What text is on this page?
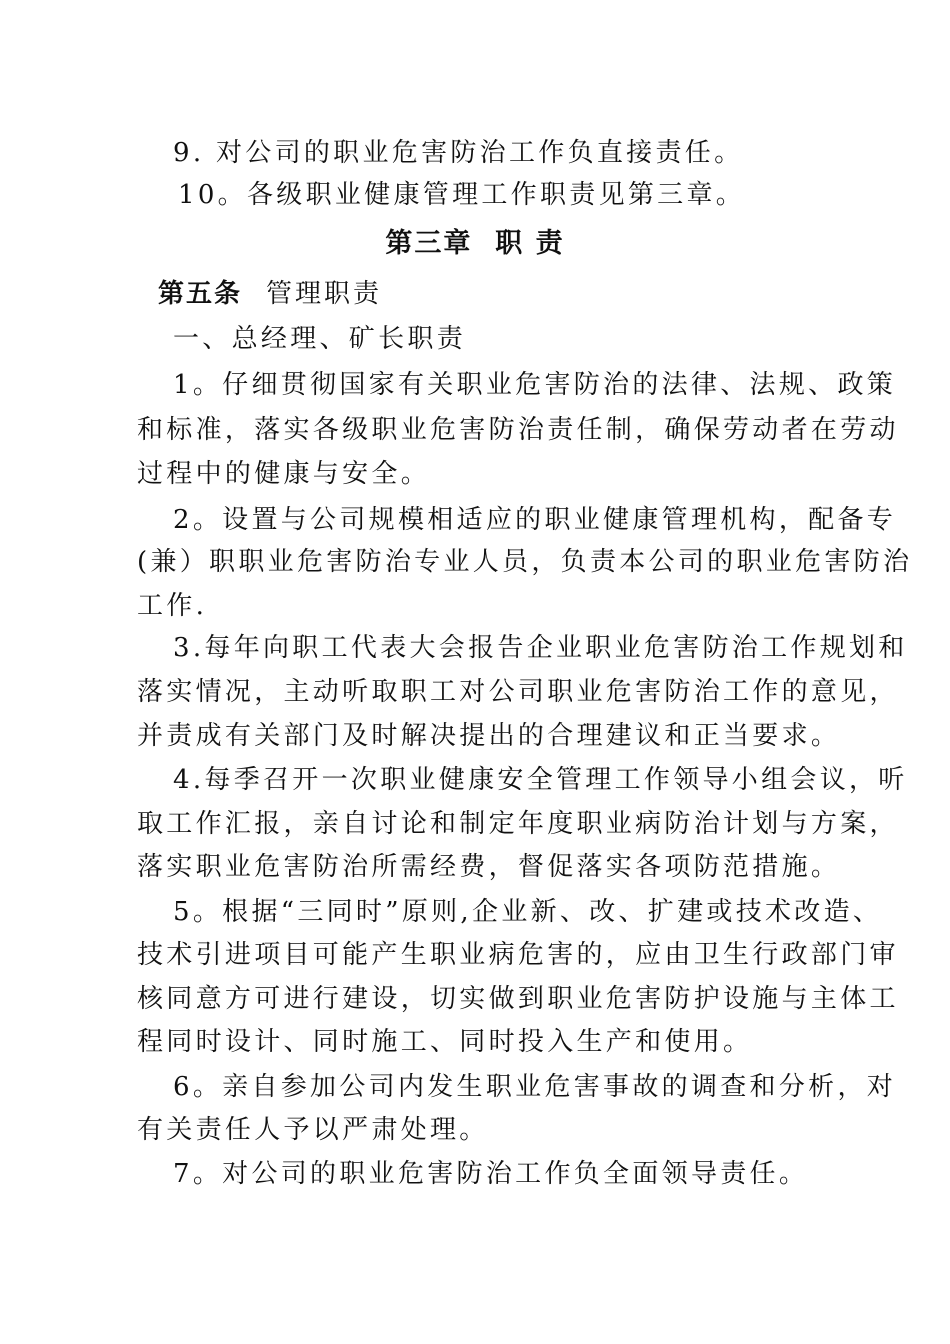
9. 对公司的职业危害防治工作负直接责任。
10。各级职业健康管理工作职责见第三章。
第三章  职 责
第五条 管理职责
一、总经理、矿长职责
1。仔细贯彻国家有关职业危害防治的法律、法规、政策
和标准，落实各级职业危害防治责任制，确保劳动者在劳动
过程中的健康与安全。
2。设置与公司规模相适应的职业健康管理机构，配备专
(兼）职职业危害防治专业人员，负责本公司的职业危害防治
工作.
3.每年向职工代表大会报告企业职业危害防治工作规划和
落实情况，主动听取职工对公司职业危害防治工作的意见，
并责成有关部门及时解决提出的合理建议和正当要求。
4.每季召开一次职业健康安全管理工作领导小组会议，听
取工作汇报，亲自讨论和制定年度职业病防治计划与方案，
落实职业危害防治所需经费，督促落实各项防范措施。
5。根据“三同时”原则,企业新、改、扩建或技术改造、
技术引进项目可能产生职业病危害的，应由卫生行政部门审
核同意方可进行建设，切实做到职业危害防护设施与主体工
程同时设计、同时施工、同时投入生产和使用。
6。亲自参加公司内发生职业危害事故的调查和分析，对
有关责任人予以严肃处理。
7。对公司的职业危害防治工作负全面领导责任。
